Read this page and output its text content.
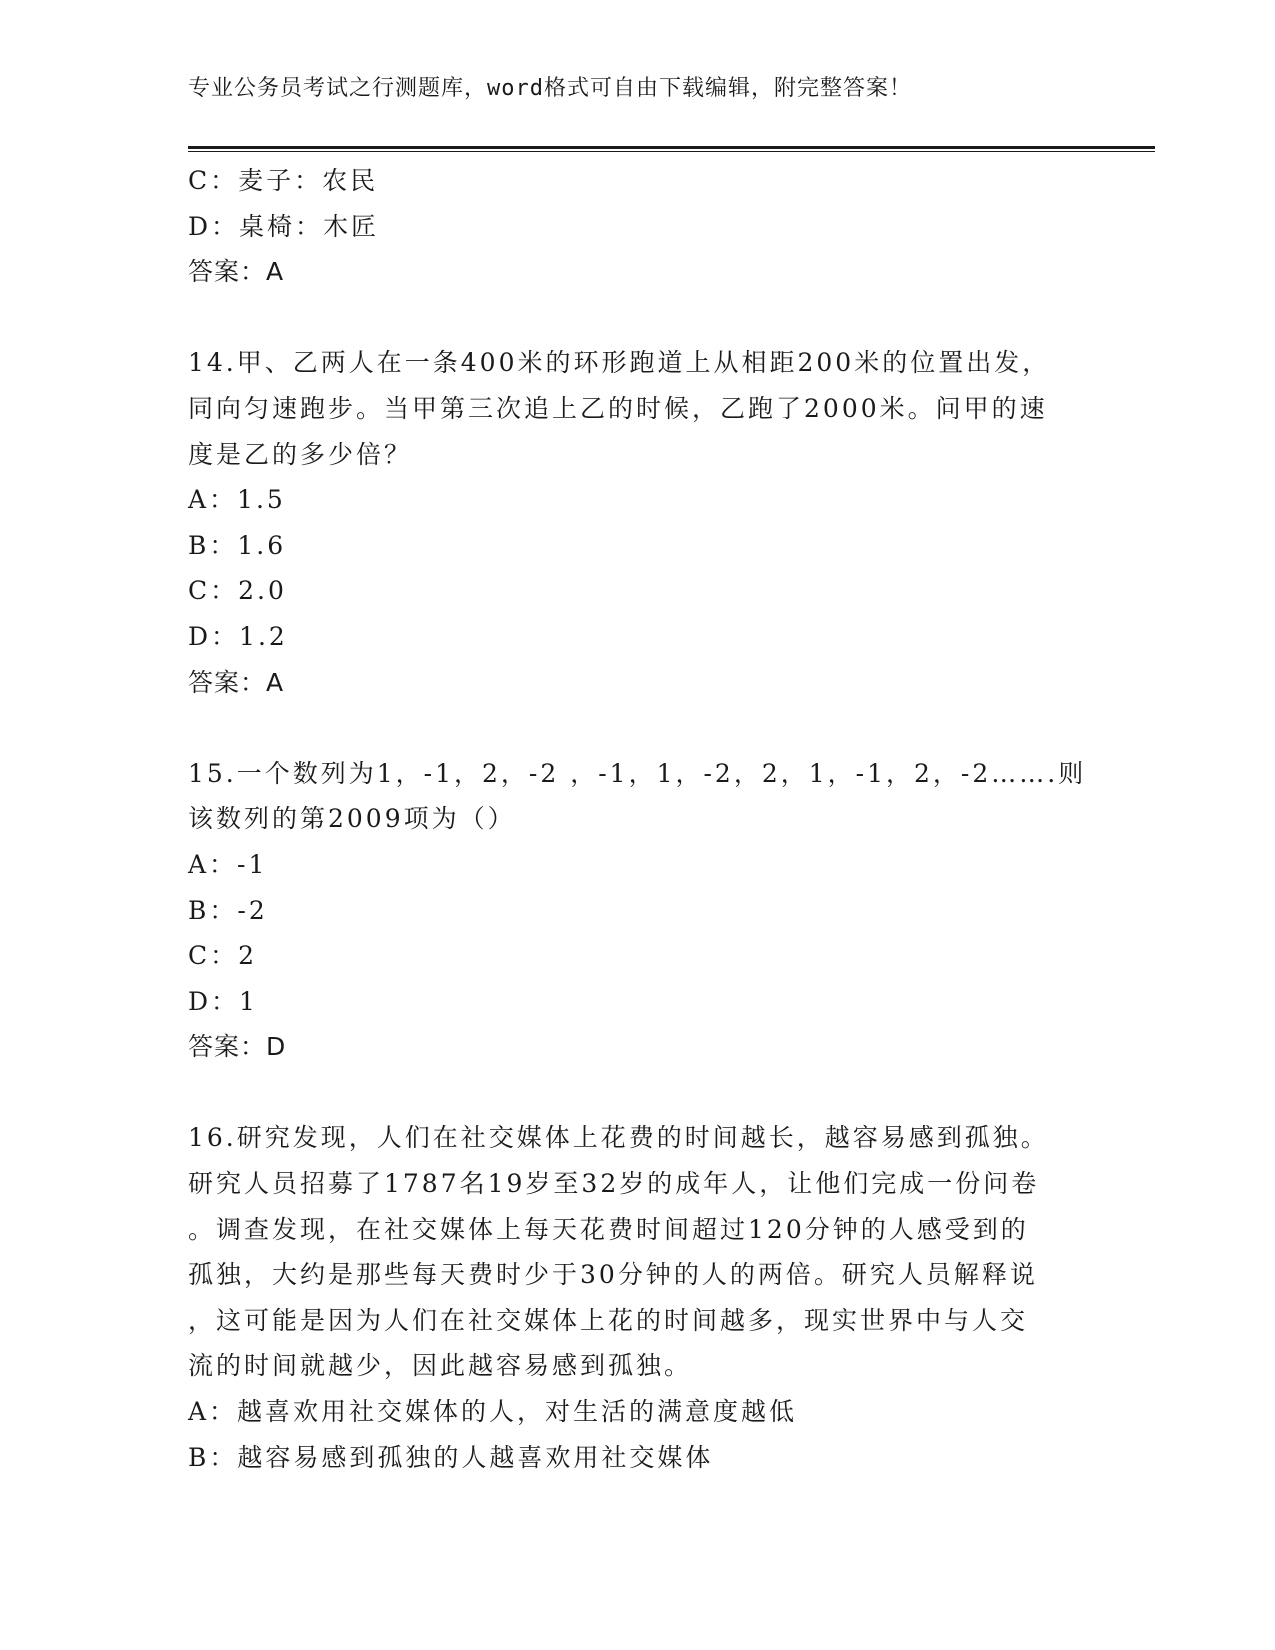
专业公务员考试之行测题库，word格式可自由下载编辑，附完整答案！
C：麦子：农民
D：桌椅：木匠
答案：A
14.甲、乙两人在一条400米的环形跑道上从相距200米的位置出发，
同向匀速跑步。当甲第三次追上乙的时候，乙跑了2000米。问甲的速
度是乙的多少倍？
A：1.5
B：1.6
C：2.0
D：1.2
答案：A
15.一个数列为1，-1，2，-2 ，-1，1，-2，2，1，-1，2，-2…….则
该数列的第2009项为（）
A：-1
B：-2
C：2
D：1
答案：D
16.研究发现，人们在社交媒体上花费的时间越长，越容易感到孤独。
研究人员招募了1787名19岁至32岁的成年人，让他们完成一份问卷
。调查发现，在社交媒体上每天花费时间超过120分钟的人感受到的
孤独，大约是那些每天费时少于30分钟的人的两倍。研究人员解释说
，这可能是因为人们在社交媒体上花的时间越多，现实世界中与人交
流的时间就越少，因此越容易感到孤独。
A：越喜欢用社交媒体的人，对生活的满意度越低
B：越容易感到孤独的人越喜欢用社交媒体
